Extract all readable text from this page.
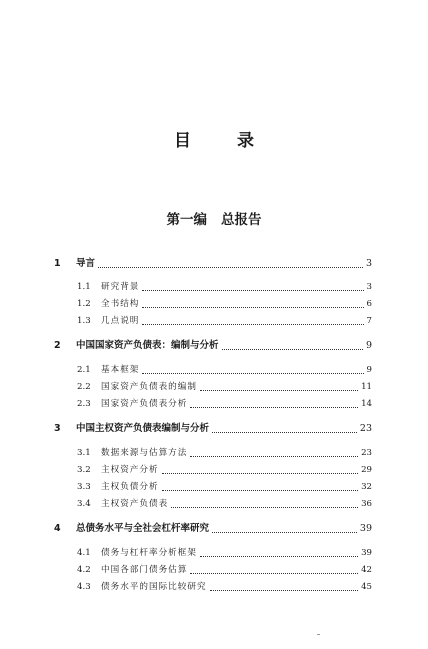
目 录
第一编 总报告
1	导言	3
1.1	研究背景	3
1.2	全书结构	6
1.3	几点说明	7
2	中国国家资产负债表：编制与分析	9
2.1	基本框架	9
2.2	国家资产负债表的编制	11
2.3	国家资产负债表分析	14
3	中国主权资产负债表编制与分析	23
3.1	数据来源与估算方法	23
3.2	主权资产分析	29
3.3	主权负债分析	32
3.4	主权资产负债表	36
4	总债务水平与全社会杠杆率研究	39
4.1	债务与杠杆率分析框架	39
4.2	中国各部门债务估算	42
4.3	债务水平的国际比较研究	45
